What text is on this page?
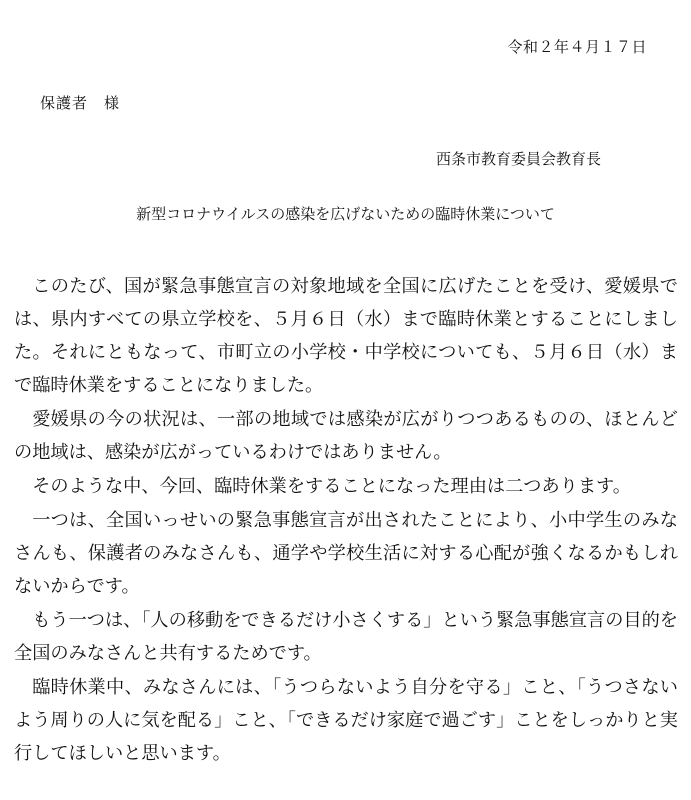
令和２年４月１７日
保護者　様
西条市教育委員会教育長
新型コロナウイルスの感染を広げないための臨時休業について

このたび、国が緊急事態宣言の対象地域を全国に広げたことを受け、愛媛県では、県内すべての県立学校を、５月６日（水）まで臨時休業とすることにしました。それにともなって、市町立の小学校・中学校についても、５月６日（水）まで臨時休業をすることになりました。

愛媛県の今の状況は、一部の地域では感染が広がりつつあるものの、ほとんどの地域は、感染が広がっているわけではありません。

そのような中、今回、臨時休業をすることになった理由は二つあります。

一つは、全国いっせいの緊急事態宣言が出されたことにより、小中学生のみなさんも、保護者のみなさんも、通学や学校生活に対する心配が強くなるかもしれないからです。

もう一つは、「人の移動をできるだけ小さくする」という緊急事態宣言の目的を全国のみなさんと共有するためです。

臨時休業中、みなさんには、「うつらないよう自分を守る」こと、「うつさないよう周りの人に気を配る」こと、「できるだけ家庭で過ごす」ことをしっかりと実行してほしいと思います。
